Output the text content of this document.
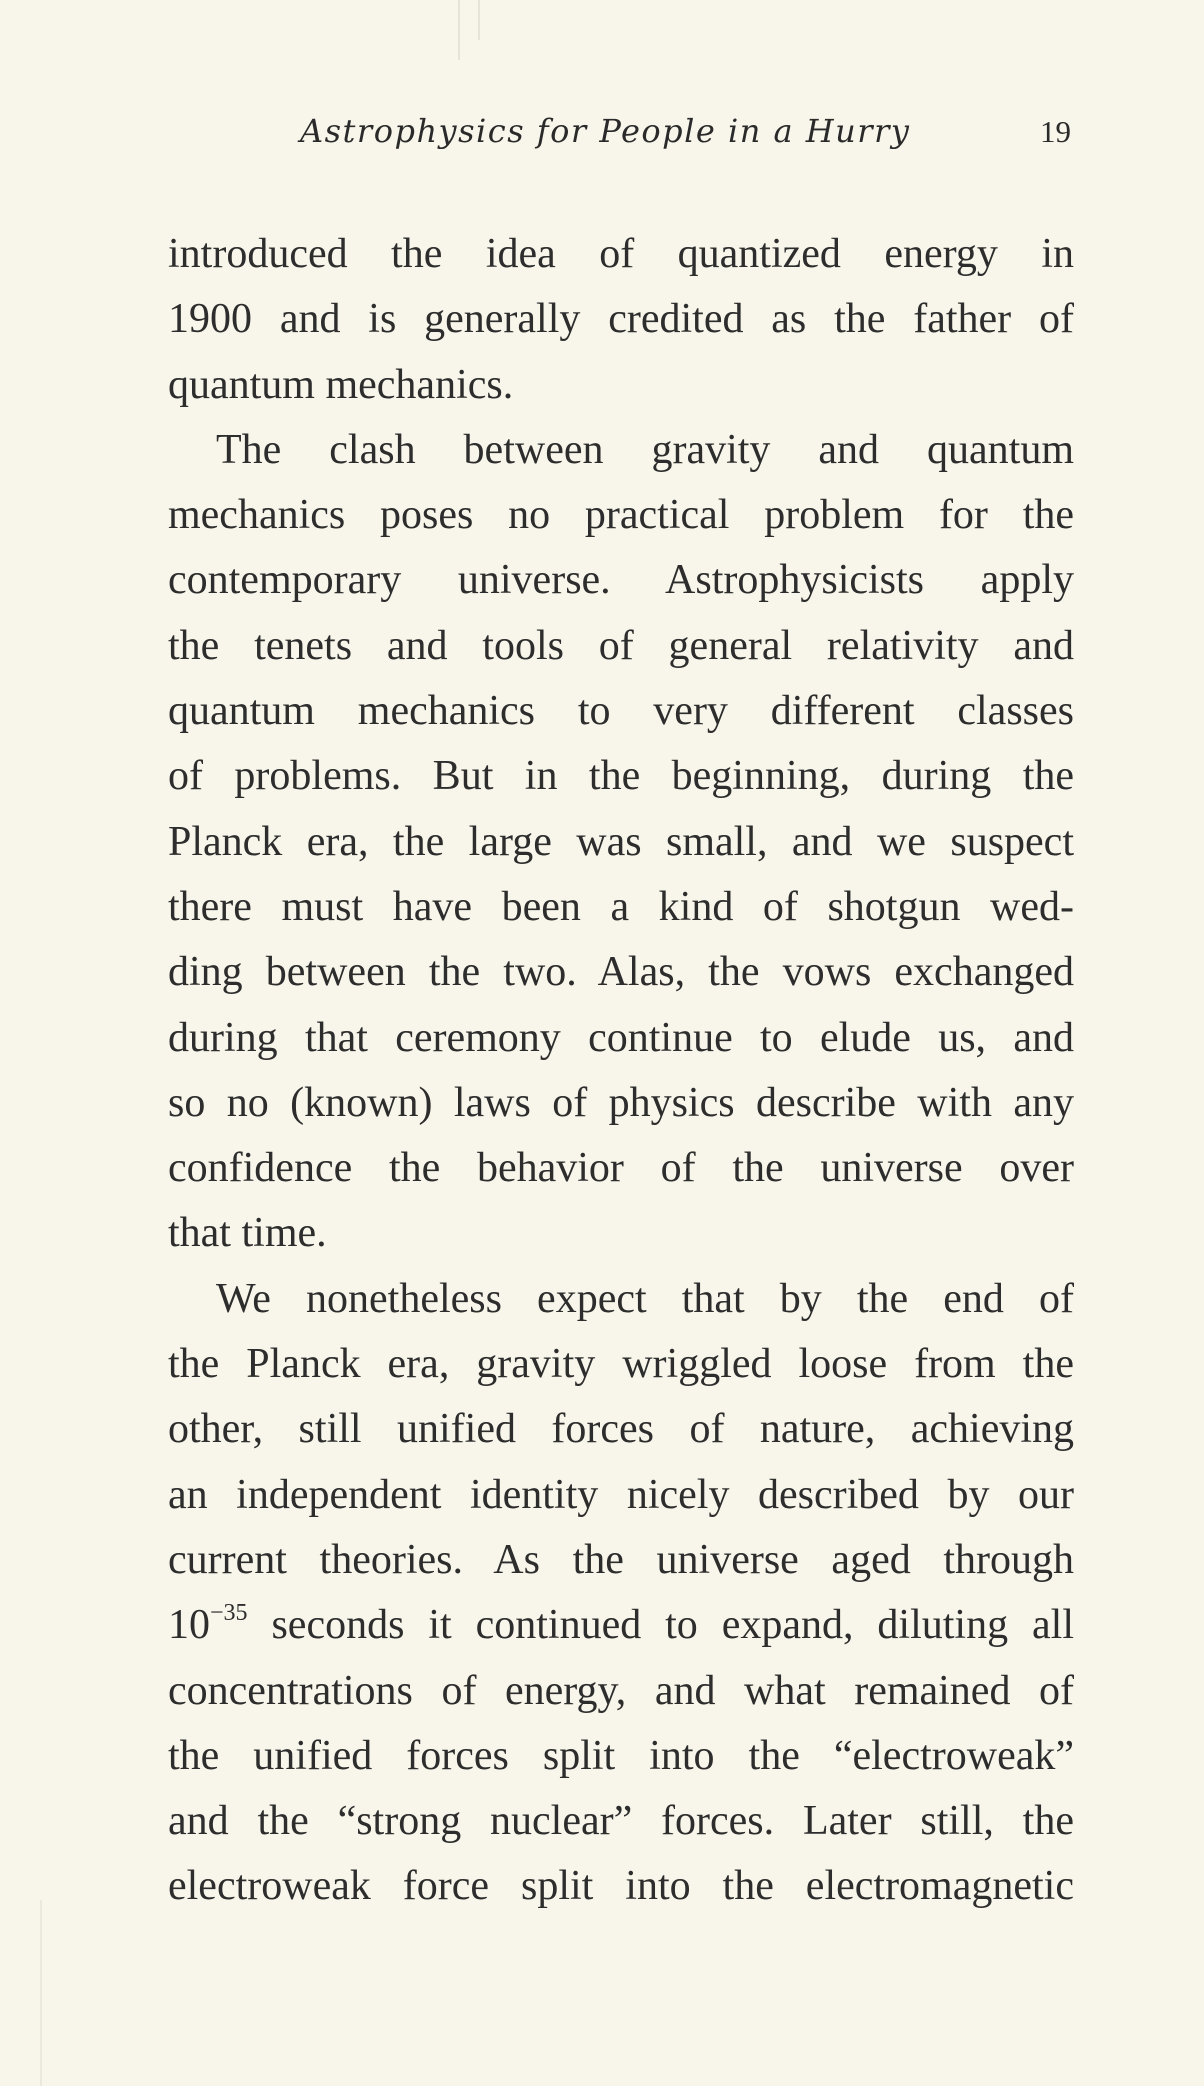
Astrophysics for People in a Hurry	19
introduced the idea of quantized energy in
1900 and is generally credited as the father of
quantum mechanics.
The clash between gravity and quantum
mechanics poses no practical problem for the
contemporary universe. Astrophysicists apply
the tenets and tools of general relativity and
quantum mechanics to very different classes
of problems. But in the beginning, during the
Planck era, the large was small, and we suspect
there must have been a kind of shotgun wed-
ding between the two. Alas, the vows exchanged
during that ceremony continue to elude us, and
so no (known) laws of physics describe with any
confidence the behavior of the universe over
that time.
We nonetheless expect that by the end of
the Planck era, gravity wriggled loose from the
other, still unified forces of nature, achieving
an independent identity nicely described by our
current theories. As the universe aged through
$10^{-35}$ seconds it continued to expand, diluting all
concentrations of energy, and what remained of
the unified forces split into the “electroweak”
and the “strong nuclear” forces. Later still, the
electroweak force split into the electromagnetic
